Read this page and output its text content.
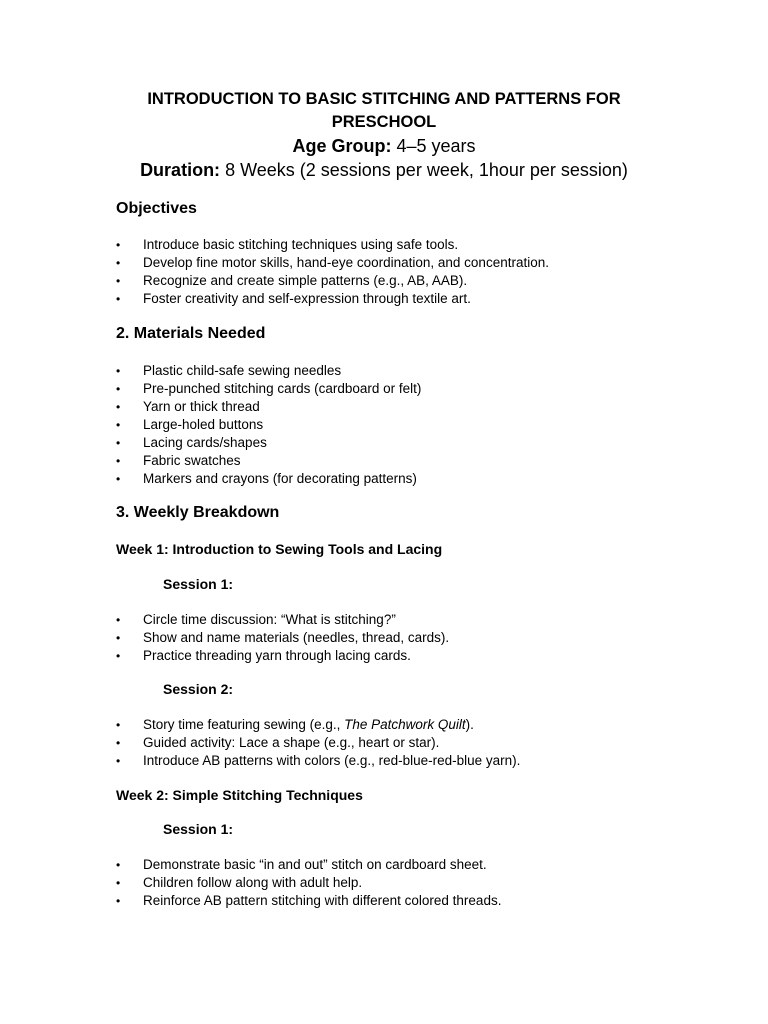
INTRODUCTION TO BASIC STITCHING AND PATTERNS FOR PRESCHOOL
Age Group: 4–5 years
Duration: 8 Weeks (2 sessions per week, 1hour per session)
Objectives
• Introduce basic stitching techniques using safe tools.
• Develop fine motor skills, hand-eye coordination, and concentration.
• Recognize and create simple patterns (e.g., AB, AAB).
• Foster creativity and self-expression through textile art.
2. Materials Needed
• Plastic child-safe sewing needles
• Pre-punched stitching cards (cardboard or felt)
• Yarn or thick thread
• Large-holed buttons
• Lacing cards/shapes
• Fabric swatches
• Markers and crayons (for decorating patterns)
3. Weekly Breakdown
Week 1: Introduction to Sewing Tools and Lacing
Session 1:
• Circle time discussion: “What is stitching?”
• Show and name materials (needles, thread, cards).
• Practice threading yarn through lacing cards.
Session 2:
• Story time featuring sewing (e.g., The Patchwork Quilt).
• Guided activity: Lace a shape (e.g., heart or star).
• Introduce AB patterns with colors (e.g., red-blue-red-blue yarn).
Week 2: Simple Stitching Techniques
Session 1:
• Demonstrate basic “in and out” stitch on cardboard sheet.
• Children follow along with adult help.
• Reinforce AB pattern stitching with different colored threads.
